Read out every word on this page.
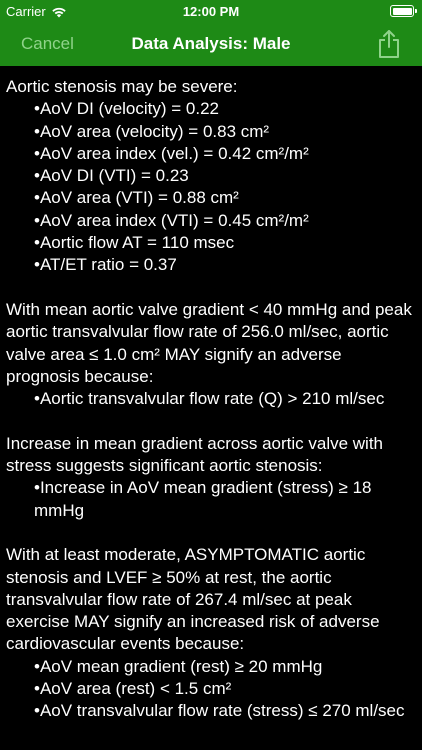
Carrier	12:00 PM
Cancel	Data Analysis: Male

Aortic stenosis may be severe:

•AoV DI (velocity) = 0.22

•AoV area (velocity) = 0.83 cm²

•AoV area index (vel.) = 0.42 cm²/m²

•AoV DI (VTI) = 0.23

•AoV area (VTI) = 0.88 cm²

•AoV area index (VTI) = 0.45 cm²/m²

•Aortic flow AT = 110 msec

•AT/ET ratio = 0.37

With mean aortic valve gradient < 40 mmHg and peak aortic transvalvular flow rate of 256.0 ml/sec, aortic valve area ≤ 1.0 cm² MAY signify an adverse prognosis because:

•Aortic transvalvular flow rate (Q) > 210 ml/sec

Increase in mean gradient across aortic valve with stress suggests significant aortic stenosis:

•Increase in AoV mean gradient (stress) ≥ 18 mmHg

With at least moderate, ASYMPTOMATIC aortic stenosis and LVEF ≥ 50% at rest, the aortic transvalvular flow rate of 267.4 ml/sec at peak exercise MAY signify an increased risk of adverse cardiovascular events because:

•AoV mean gradient (rest) ≥ 20 mmHg

•AoV area (rest) < 1.5 cm²

•AoV transvalvular flow rate (stress) ≤ 270 ml/sec
